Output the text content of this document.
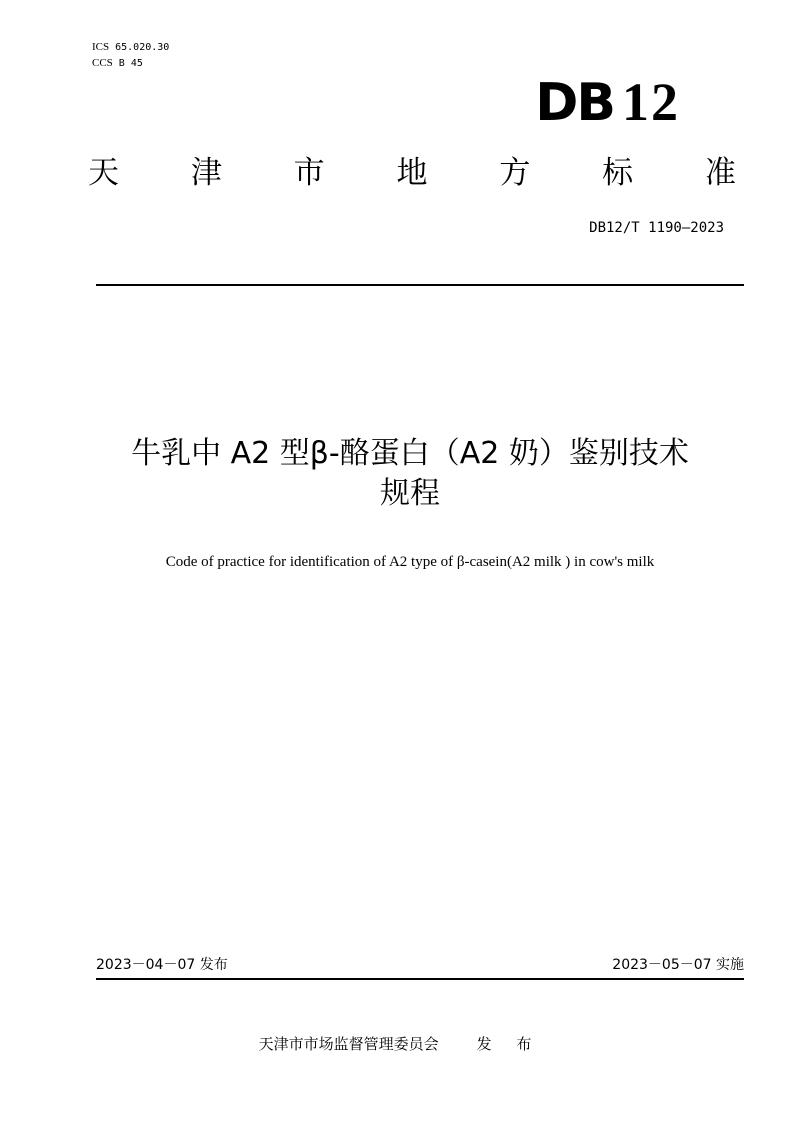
ICS 65.020.30
CCS B 45
DB 12
天 津 市 地 方 标 准
DB12/T 1190—2023
牛乳中 A2 型β-酪蛋白（A2 奶）鉴别技术
规程
Code of practice for identification of A2 type of β-casein(A2 milk ) in cow's milk
2023－04－07 发布	2023－05－07 实施
天津市市场监督管理委员会	发 布
